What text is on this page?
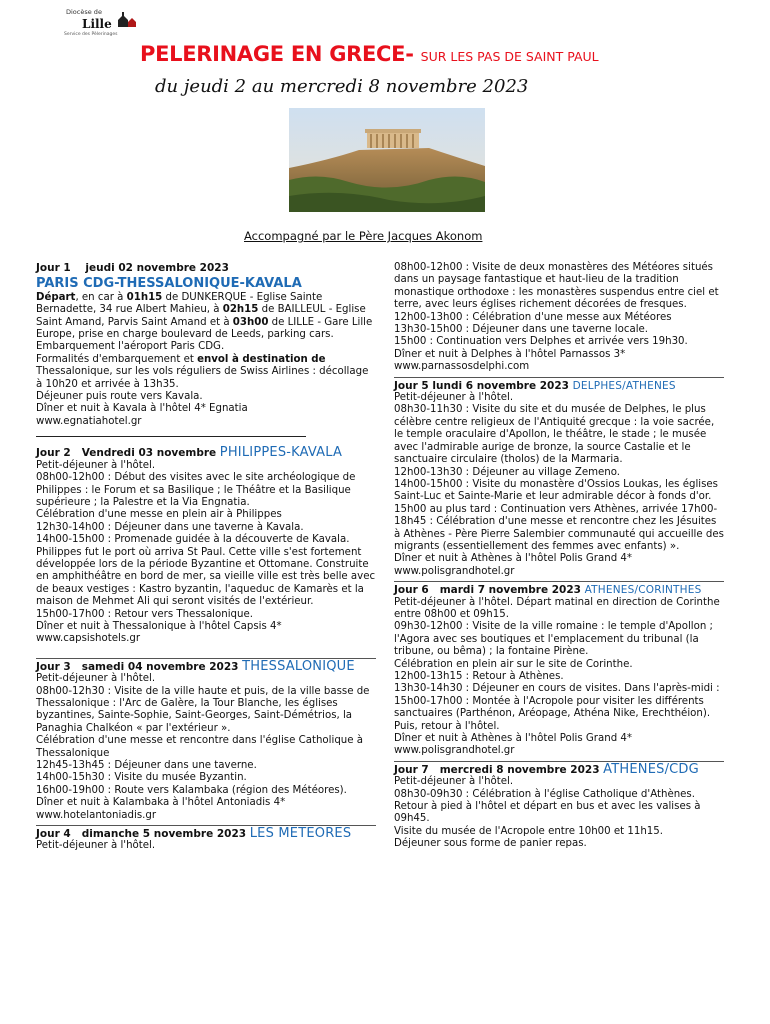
Diocèse de
Lille
Service des Pèlerinages
PELERINAGE EN GRECE- SUR LES PAS DE SAINT PAUL
du jeudi 2 au mercredi 8 novembre 2023
Accompagné par le Père Jacques Akonom
Jour 1 jeudi 02 novembre 2023
PARIS CDG-THESSALONIQUE-KAVALA

Départ, en car à 01h15 de DUNKERQUE - Eglise Sainte Bernadette, 34 rue Albert Mahieu, à 02h15 de BAILLEUL - Eglise Saint Amand, Parvis Saint Amand et à 03h00 de LILLE - Gare Lille Europe, prise en charge boulevard de Leeds, parking cars.

Embarquement l'aéroport Paris CDG.

Formalités d'embarquement et envol à destination de Thessalonique, sur les vols réguliers de Swiss Airlines : décollage à 10h20 et arrivée à 13h35.

Déjeuner puis route vers Kavala.

Dîner et nuit à Kavala à l'hôtel 4* Egnatia

www.egnatiahotel.gr

Jour 2 Vendredi 03 novembre PHILIPPES-KAVALA

Petit-déjeuner à l'hôtel.

08h00-12h00 : Début des visites avec le site archéologique de Philippes : le Forum et sa Basilique ; le Théâtre et la Basilique supérieure ; la Palestre et la Via Engnatia.

Célébration d'une messe en plein air à Philippes

12h30-14h00 : Déjeuner dans une taverne à Kavala.

14h00-15h00 : Promenade guidée à la découverte de Kavala. Philippes fut le port où arriva St Paul. Cette ville s'est fortement développée lors de la période Byzantine et Ottomane. Construite en amphithéâtre en bord de mer, sa vieille ville est très belle avec de beaux vestiges : Kastro byzantin, l'aqueduc de Kamarès et la maison de Mehmet Ali qui seront visités de l'extérieur.

15h00-17h00 : Retour vers Thessalonique.

Dîner et nuit à Thessalonique à l'hôtel Capsis 4*

www.capsishotels.gr

Jour 3 samedi 04 novembre 2023 THESSALONIQUE

Petit-déjeuner à l'hôtel.

08h00-12h30 : Visite de la ville haute et puis, de la ville basse de Thessalonique : l'Arc de Galère, la Tour Blanche, les églises byzantines, Sainte-Sophie, Saint-Georges, Saint-Démétrios, la Panaghia Chalkéon « par l'extérieur ».

Célébration d'une messe et rencontre dans l'église Catholique à Thessalonique

12h45-13h45 : Déjeuner dans une taverne.

14h00-15h30 : Visite du musée Byzantin.

16h00-19h00 : Route vers Kalambaka (région des Météores).

Dîner et nuit à Kalambaka à l'hôtel Antoniadis 4*

www.hotelantoniadis.gr

Jour 4 dimanche 5 novembre 2023 LES METEORES

Petit-déjeuner à l'hôtel.

08h00-12h00 : Visite de deux monastères des Météores situés dans un paysage fantastique et haut-lieu de la tradition monastique orthodoxe : les monastères suspendus entre ciel et terre, avec leurs églises richement décorées de fresques.

12h00-13h00 : Célébration d'une messe aux Météores

13h30-15h00 : Déjeuner dans une taverne locale.

15h00 : Continuation vers Delphes et arrivée vers 19h30.

Dîner et nuit à Delphes à l'hôtel Parnassos 3*

www.parnassosdelphi.com

Jour 5 lundi 6 novembre 2023 DELPHES/ATHENES

Petit-déjeuner à l'hôtel.

08h30-11h30 : Visite du site et du musée de Delphes, le plus célèbre centre religieux de l'Antiquité grecque : la voie sacrée, le temple oraculaire d'Apollon, le théâtre, le stade ; le musée avec l'admirable aurige de bronze, la source Castalie et le sanctuaire circulaire (tholos) de la Marmaria.

12h00-13h30 : Déjeuner au village Zemeno.

14h00-15h00 : Visite du monastère d'Ossios Loukas, les églises Saint-Luc et Sainte-Marie et leur admirable décor à fonds d'or.

15h00 au plus tard : Continuation vers Athènes, arrivée 17h00-18h45 : Célébration d'une messe et rencontre chez les Jésuites à Athènes - Père Pierre Salembier communauté qui accueille des migrants (essentiellement des femmes avec enfants) ».

Dîner et nuit à Athènes à l'hôtel Polis Grand 4*

www.polisgrandhotel.gr

Jour 6 mardi 7 novembre 2023 ATHENES/CORINTHES

Petit-déjeuner à l'hôtel. Départ matinal en direction de Corinthe entre 08h00 et 09h15.

09h30-12h00 : Visite de la ville romaine : le temple d'Apollon ; l'Agora avec ses boutiques et l'emplacement du tribunal (la tribune, ou bêma) ; la fontaine Pirène.

Célébration en plein air sur le site de Corinthe.

12h00-13h15 : Retour à Athènes.

13h30-14h30 : Déjeuner en cours de visites. Dans l'après-midi :

15h00-17h00 : Montée à l'Acropole pour visiter les différents sanctuaires (Parthénon, Aréopage, Athéna Nike, Erechthéion). Puis, retour à l'hôtel.

Dîner et nuit à Athènes à l'hôtel Polis Grand 4*

www.polisgrandhotel.gr

Jour 7 mercredi 8 novembre 2023 ATHENES/CDG

Petit-déjeuner à l'hôtel.

08h30-09h30 : Célébration à l'église Catholique d'Athènes.

Retour à pied à l'hôtel et départ en bus et avec les valises à 09h45.

Visite du musée de l'Acropole entre 10h00 et 11h15.

Déjeuner sous forme de panier repas.
